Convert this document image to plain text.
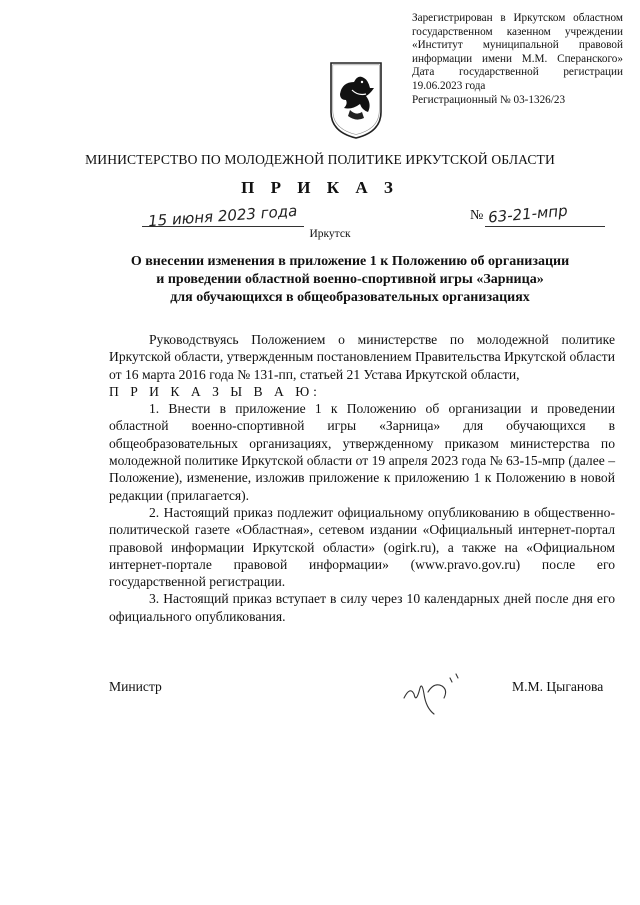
Зарегистрирован в Иркутском областном
государственном казенном учреждении
«Институт муниципальной правовой
информации имени М.М. Сперанского»
Дата государственной регистрации
19.06.2023 года
Регистрационный № 03-1326/23
МИНИСТЕРСТВО ПО МОЛОДЕЖНОЙ ПОЛИТИКЕ ИРКУТСКОЙ ОБЛАСТИ
П Р И К А З
15 июня 2023 года	№ 63-21-мпр
Иркутск
О внесении изменения в приложение 1 к Положению об организации
и проведении областной военно-спортивной игры «Зарница»
для обучающихся в общеобразовательных организациях

Руководствуясь Положением о министерстве по молодежной политике Иркутской области, утвержденным постановлением Правительства Иркутской области от 16 марта 2016 года № 131-пп, статьей 21 Устава Иркутской области,

П Р И К А З Ы В А Ю:

1. Внести в приложение 1 к Положению об организации и проведении областной военно-спортивной игры «Зарница» для обучающихся в общеобразовательных организациях, утвержденному приказом министерства по молодежной политике Иркутской области от 19 апреля 2023 года № 63-15-мпр (далее – Положение), изменение, изложив приложение к приложению 1 к Положению в новой редакции (прилагается).

2. Настоящий приказ подлежит официальному опубликованию в общественно-политической газете «Областная», сетевом издании «Официальный интернет-портал правовой информации Иркутской области» (ogirk.ru), а также на «Официальном интернет-портале правовой информации» (www.pravo.gov.ru) после его государственной регистрации.

3. Настоящий приказ вступает в силу через 10 календарных дней после дня его официального опубликования.

Министр	М.М. Цыганова
